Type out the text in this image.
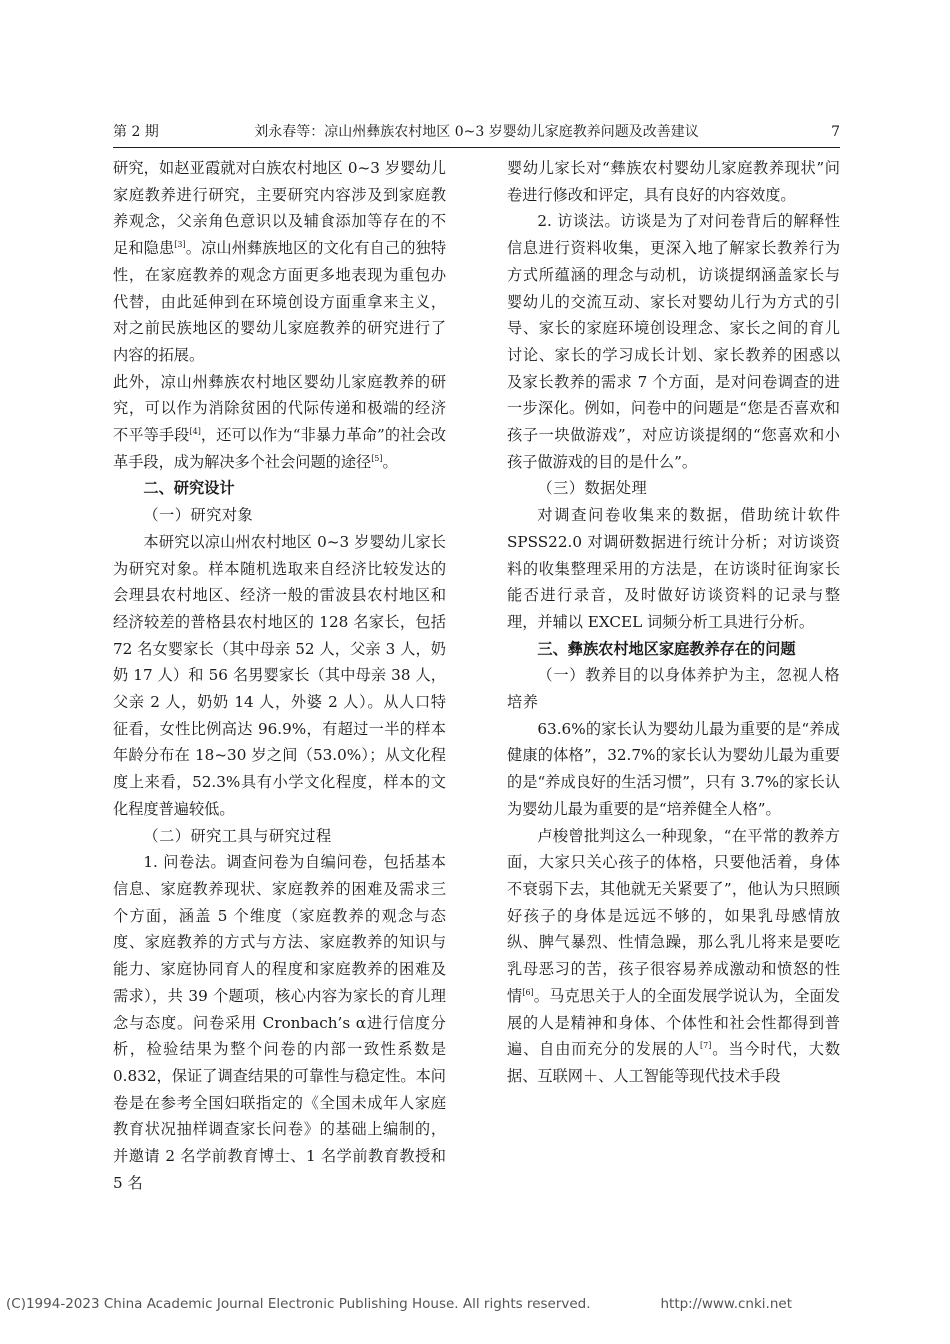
第 2 期	刘永春等：凉山州彝族农村地区 0~3 岁婴幼儿家庭教养问题及改善建议	7

研究，如赵亚霞就对白族农村地区 0~3 岁婴幼儿家庭教养进行研究，主要研究内容涉及到家庭教养观念，父亲角色意识以及辅食添加等存在的不足和隐患[3]。凉山州彝族地区的文化有自己的独特性，在家庭教养的观念方面更多地表现为重包办代替，由此延伸到在环境创设方面重拿来主义，对之前民族地区的婴幼儿家庭教养的研究进行了内容的拓展。

此外，凉山州彝族农村地区婴幼儿家庭教养的研究，可以作为消除贫困的代际传递和极端的经济不平等手段[4]，还可以作为“非暴力革命”的社会改革手段，成为解决多个社会问题的途径[5]。

二、研究设计

（一）研究对象

本研究以凉山州农村地区 0~3 岁婴幼儿家长为研究对象。样本随机选取来自经济比较发达的会理县农村地区、经济一般的雷波县农村地区和经济较差的普格县农村地区的 128 名家长，包括 72 名女婴家长（其中母亲 52 人，父亲 3 人，奶奶 17 人）和 56 名男婴家长（其中母亲 38 人，父亲 2 人，奶奶 14 人，外婆 2 人）。从人口特征看，女性比例高达 96.9%，有超过一半的样本年龄分布在 18~30 岁之间（53.0%）；从文化程度上来看，52.3%具有小学文化程度，样本的文化程度普遍较低。

（二）研究工具与研究过程

1. 问卷法。调查问卷为自编问卷，包括基本信息、家庭教养现状、家庭教养的困难及需求三个方面，涵盖 5 个维度（家庭教养的观念与态度、家庭教养的方式与方法、家庭教养的知识与能力、家庭协同育人的程度和家庭教养的困难及需求），共 39 个题项，核心内容为家长的育儿理念与态度。问卷采用 Cronbach’s α进行信度分析，检验结果为整个问卷的内部一致性系数是 0.832，保证了调查结果的可靠性与稳定性。本问卷是在参考全国妇联指定的《全国未成年人家庭教育状况抽样调查家长问卷》的基础上编制的，并邀请 2 名学前教育博士、1 名学前教育教授和 5 名

婴幼儿家长对“彝族农村婴幼儿家庭教养现状”问卷进行修改和评定，具有良好的内容效度。

2. 访谈法。访谈是为了对问卷背后的解释性信息进行资料收集，更深入地了解家长教养行为方式所蕴涵的理念与动机，访谈提纲涵盖家长与婴幼儿的交流互动、家长对婴幼儿行为方式的引导、家长的家庭环境创设理念、家长之间的育儿讨论、家长的学习成长计划、家长教养的困惑以及家长教养的需求 7 个方面，是对问卷调查的进一步深化。例如，问卷中的问题是“您是否喜欢和孩子一块做游戏”，对应访谈提纲的“您喜欢和小孩子做游戏的目的是什么”。

（三）数据处理

对调查问卷收集来的数据，借助统计软件 SPSS22.0 对调研数据进行统计分析；对访谈资料的收集整理采用的方法是，在访谈时征询家长能否进行录音，及时做好访谈资料的记录与整理，并辅以 EXCEL 词频分析工具进行分析。

三、彝族农村地区家庭教养存在的问题

（一）教养目的以身体养护为主，忽视人格培养

63.6%的家长认为婴幼儿最为重要的是“养成健康的体格”，32.7%的家长认为婴幼儿最为重要的是“养成良好的生活习惯”，只有 3.7%的家长认为婴幼儿最为重要的是“培养健全人格”。

卢梭曾批判这么一种现象，“在平常的教养方面，大家只关心孩子的体格，只要他活着，身体不衰弱下去，其他就无关紧要了”，他认为只照顾好孩子的身体是远远不够的，如果乳母感情放纵、脾气暴烈、性情急躁，那么乳儿将来是要吃乳母恶习的苦，孩子很容易养成激动和愤怒的性情[6]。马克思关于人的全面发展学说认为，全面发展的人是精神和身体、个体性和社会性都得到普遍、自由而充分的发展的人[7]。当今时代，大数据、互联网＋、人工智能等现代技术手段

(C)1994-2023 China Academic Journal Electronic Publishing House. All rights reserved.	http://www.cnki.net
